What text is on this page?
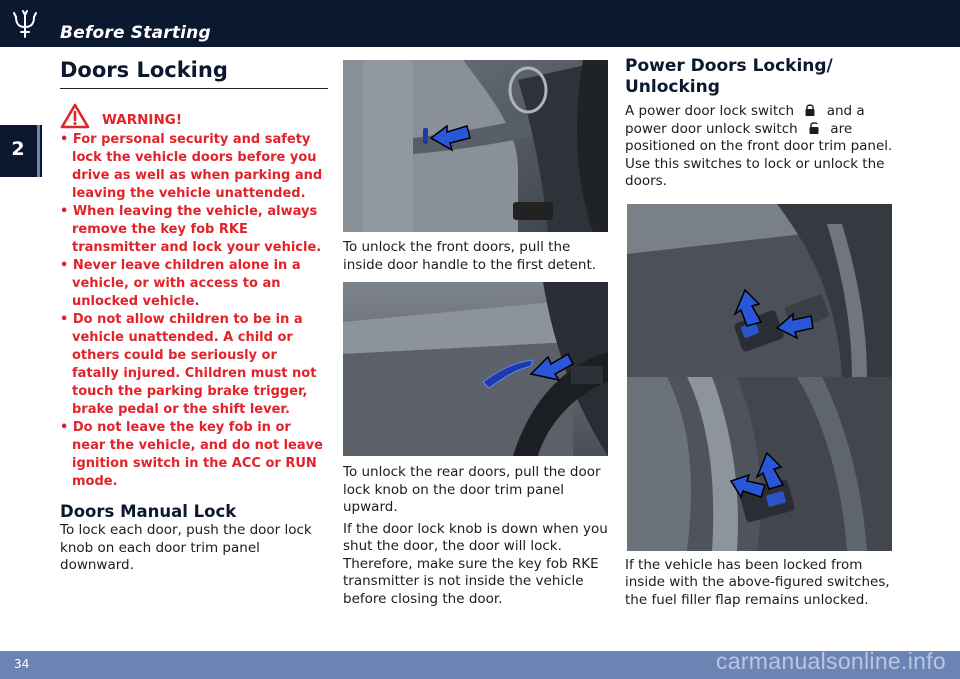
Before Starting
2
Doors Locking
WARNING!
• For personal security and safety lock the vehicle doors before you drive as well as when parking and leaving the vehicle unattended.
• When leaving the vehicle, always remove the key fob RKE transmitter and lock your vehicle.
• Never leave children alone in a vehicle, or with access to an unlocked vehicle.
• Do not allow children to be in a vehicle unattended. A child or others could be seriously or fatally injured. Children must not touch the parking brake trigger, brake pedal or the shift lever.
• Do not leave the key fob in or near the vehicle, and do not leave ignition switch in the ACC or RUN mode.
Doors Manual Lock

To lock each door, push the door lock knob on each door trim panel downward.

To unlock the front doors, pull the inside door handle to the first detent.

To unlock the rear doors, pull the door lock knob on the door trim panel upward.

If the door lock knob is down when you shut the door, the door will lock. Therefore, make sure the key fob RKE transmitter is not inside the vehicle before closing the door.

Power Doors Locking/ Unlocking

A power door lock switch and a power door unlock switch are positioned on the front door trim panel. Use this switches to lock or unlock the doors.

If the vehicle has been locked from inside with the above-figured switches, the fuel filler flap remains unlocked.

34	carmanualsonline.info
